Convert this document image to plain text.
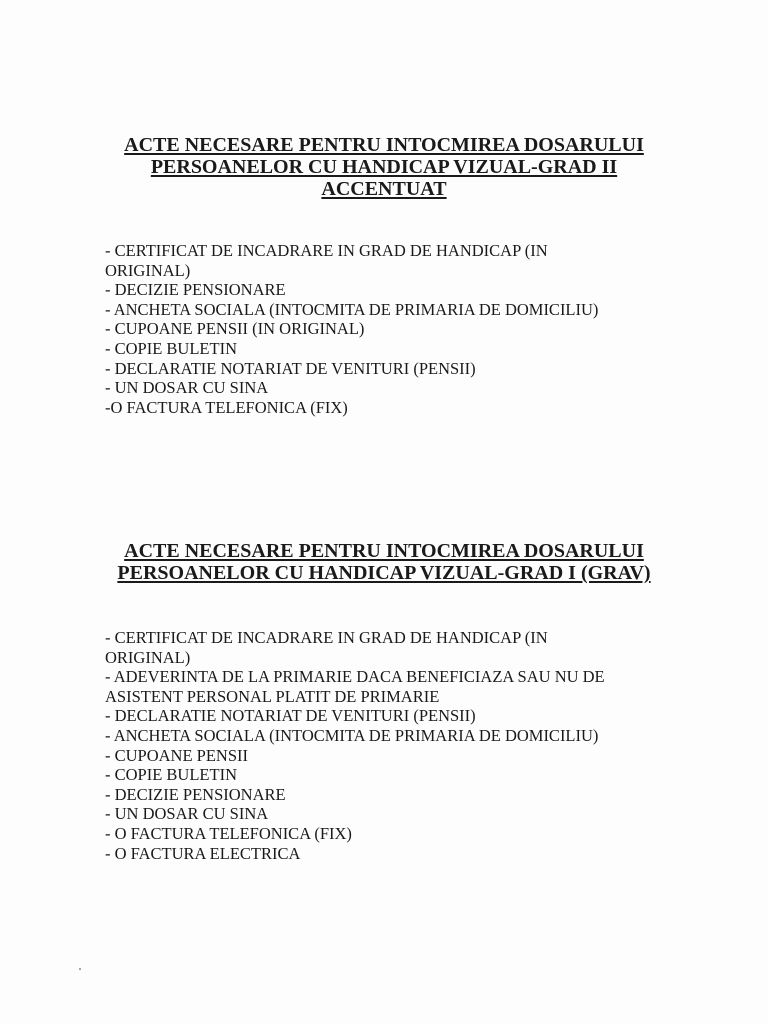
ACTE NECESARE PENTRU INTOCMIREA DOSARULUI
PERSOANELOR CU HANDICAP VIZUAL-GRAD II
ACCENTUAT
- CERTIFICAT DE INCADRARE IN GRAD DE HANDICAP (IN
ORIGINAL)
- DECIZIE PENSIONARE
- ANCHETA SOCIALA (INTOCMITA DE PRIMARIA DE DOMICILIU)
- CUPOANE PENSII (IN ORIGINAL)
- COPIE BULETIN
- DECLARATIE NOTARIAT DE VENITURI (PENSII)
- UN DOSAR CU SINA
-O FACTURA TELEFONICA (FIX)
ACTE NECESARE PENTRU INTOCMIREA DOSARULUI
PERSOANELOR CU HANDICAP VIZUAL-GRAD I (GRAV)
- CERTIFICAT DE INCADRARE IN GRAD DE HANDICAP (IN
ORIGINAL)
- ADEVERINTA DE LA PRIMARIE DACA BENEFICIAZA SAU NU DE
ASISTENT PERSONAL PLATIT DE PRIMARIE
- DECLARATIE NOTARIAT DE VENITURI (PENSII)
- ANCHETA SOCIALA (INTOCMITA DE PRIMARIA DE DOMICILIU)
- CUPOANE PENSII
- COPIE BULETIN
- DECIZIE PENSIONARE
- UN DOSAR CU SINA
- O FACTURA TELEFONICA (FIX)
- O FACTURA ELECTRICA
